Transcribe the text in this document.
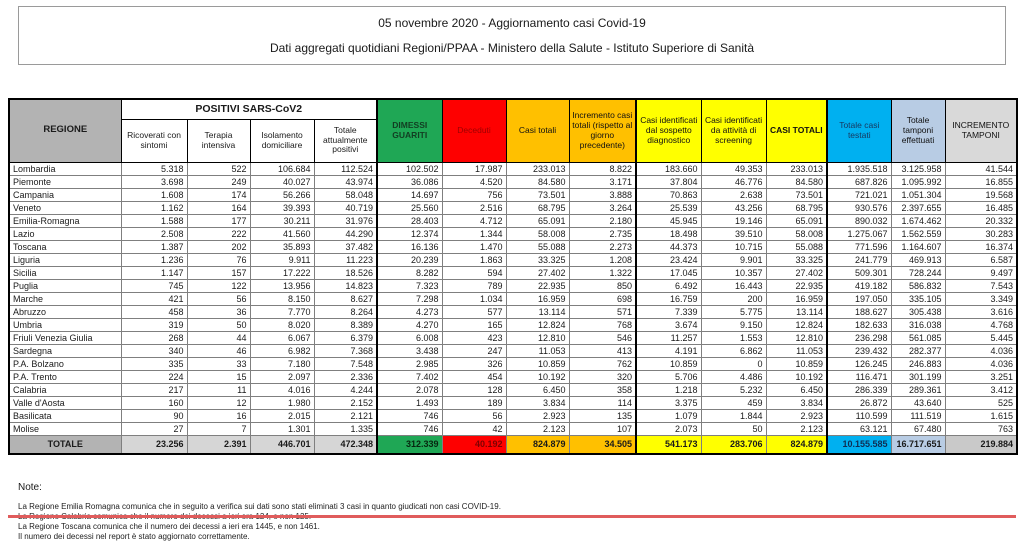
05 novembre 2020 - Aggiornamento casi Covid-19
Dati aggregati quotidiani Regioni/PPAA - Ministero della Salute - Istituto Superiore di Sanità
REGIONE	POSITIVI SARS-CoV2				DIMESSI GUARITI	Deceduti	Casi totali	Incremento casi totali (rispetto al giorno precedente)	Casi identificati dal sospetto diagnostico	Casi identificati da attività di screening	CASI TOTALI	Totale casi testati	Totale tamponi effettuati	INCREMENTO TAMPONI
	Ricoverati con sintomi	Terapia intensiva	Isolamento domiciliare	Totale attualmente positivi										
Lombardia	5.318	522	106.684	112.524	102.502	17.987	233.013	8.822	183.660	49.353	233.013	1.935.518	3.125.958	41.544
Piemonte	3.698	249	40.027	43.974	36.086	4.520	84.580	3.171	37.804	46.776	84.580	687.826	1.095.992	16.855
Campania	1.608	174	56.266	58.048	14.697	756	73.501	3.888	70.863	2.638	73.501	721.021	1.051.304	19.568
Veneto	1.162	164	39.393	40.719	25.560	2.516	68.795	3.264	25.539	43.256	68.795	930.576	2.397.655	16.485
Emilia-Romagna	1.588	177	30.211	31.976	28.403	4.712	65.091	2.180	45.945	19.146	65.091	890.032	1.674.462	20.332
Lazio	2.508	222	41.560	44.290	12.374	1.344	58.008	2.735	18.498	39.510	58.008	1.275.067	1.562.559	30.283
Toscana	1.387	202	35.893	37.482	16.136	1.470	55.088	2.273	44.373	10.715	55.088	771.596	1.164.607	16.374
Liguria	1.236	76	9.911	11.223	20.239	1.863	33.325	1.208	23.424	9.901	33.325	241.779	469.913	6.587
Sicilia	1.147	157	17.222	18.526	8.282	594	27.402	1.322	17.045	10.357	27.402	509.301	728.244	9.497
Puglia	745	122	13.956	14.823	7.323	789	22.935	850	6.492	16.443	22.935	419.182	586.832	7.543
Marche	421	56	8.150	8.627	7.298	1.034	16.959	698	16.759	200	16.959	197.050	335.105	3.349
Abruzzo	458	36	7.770	8.264	4.273	577	13.114	571	7.339	5.775	13.114	188.627	305.438	3.616
Umbria	319	50	8.020	8.389	4.270	165	12.824	768	3.674	9.150	12.824	182.633	316.038	4.768
Friuli Venezia Giulia	268	44	6.067	6.379	6.008	423	12.810	546	11.257	1.553	12.810	236.298	561.085	5.445
Sardegna	340	46	6.982	7.368	3.438	247	11.053	413	4.191	6.862	11.053	239.432	282.377	4.036
P.A. Bolzano	335	33	7.180	7.548	2.985	326	10.859	762	10.859	0	10.859	126.245	246.883	4.036
P.A. Trento	224	15	2.097	2.336	7.402	454	10.192	320	5.706	4.486	10.192	116.471	301.199	3.251
Calabria	217	11	4.016	4.244	2.078	128	6.450	358	1.218	5.232	6.450	286.339	289.361	3.412
Valle d'Aosta	160	12	1.980	2.152	1.493	189	3.834	114	3.375	459	3.834	26.872	43.640	525
Basilicata	90	16	2.015	2.121	746	56	2.923	135	1.079	1.844	2.923	110.599	111.519	1.615
Molise	27	7	1.301	1.335	746	42	2.123	107	2.073	50	2.123	63.121	67.480	763
TOTALE	23.256	2.391	446.701	472.348	312.339	40.192	824.879	34.505	541.173	283.706	824.879	10.155.585	16.717.651	219.884
Note:
La Regione Emilia Romagna comunica che in seguito a verifica sui dati sono stati eliminati 3 casi in quanto giudicati non casi COVID-19.
La Regione Toscana comunica che il numero dei decessi a ieri era 1445, e non 1461.
Il numero dei decessi nel report è stato aggiornato correttamente.
